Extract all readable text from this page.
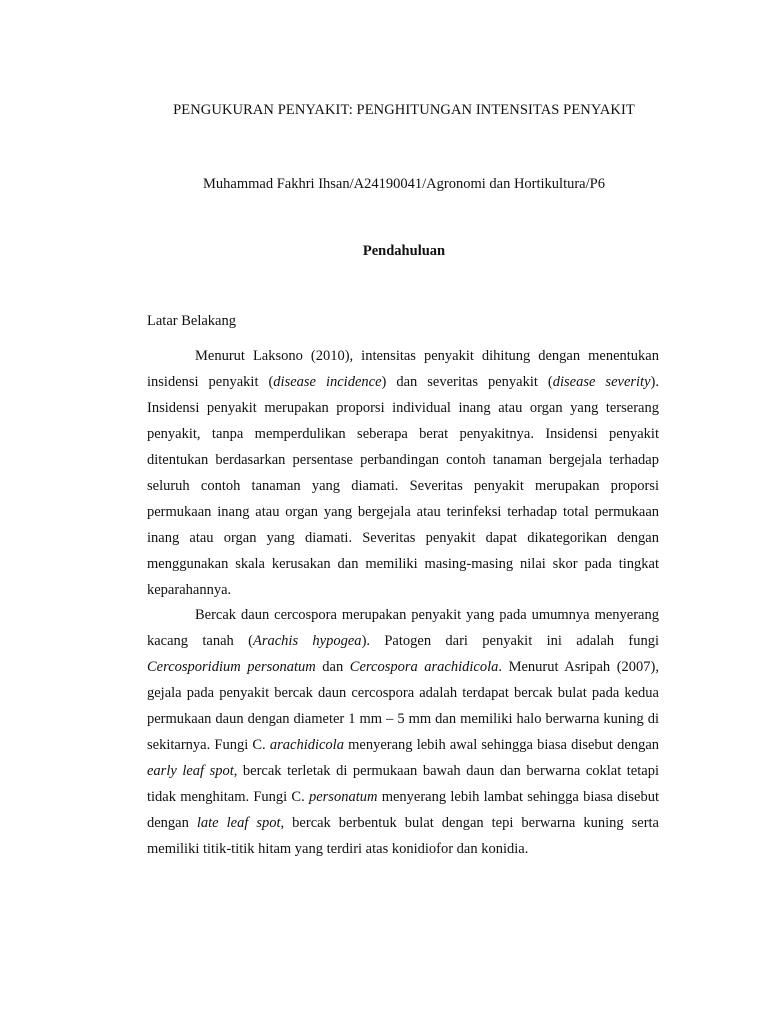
PENGUKURAN PENYAKIT: PENGHITUNGAN INTENSITAS PENYAKIT
Muhammad Fakhri Ihsan/A24190041/Agronomi dan Hortikultura/P6
Pendahuluan
Latar Belakang

Menurut Laksono (2010), intensitas penyakit dihitung dengan menentukan insidensi penyakit (disease incidence) dan severitas penyakit (disease severity). Insidensi penyakit merupakan proporsi individual inang atau organ yang terserang penyakit, tanpa memperdulikan seberapa berat penyakitnya. Insidensi penyakit ditentukan berdasarkan persentase perbandingan contoh tanaman bergejala terhadap seluruh contoh tanaman yang diamati. Severitas penyakit merupakan proporsi permukaan inang atau organ yang bergejala atau terinfeksi terhadap total permukaan inang atau organ yang diamati. Severitas penyakit dapat dikategorikan dengan menggunakan skala kerusakan dan memiliki masing-masing nilai skor pada tingkat keparahannya.

Bercak daun cercospora merupakan penyakit yang pada umumnya menyerang kacang tanah (Arachis hypogea). Patogen dari penyakit ini adalah fungi Cercosporidium personatum dan Cercospora arachidicola. Menurut Asripah (2007), gejala pada penyakit bercak daun cercospora adalah terdapat bercak bulat pada kedua permukaan daun dengan diameter 1 mm – 5 mm dan memiliki halo berwarna kuning di sekitarnya. Fungi C. arachidicola menyerang lebih awal sehingga biasa disebut dengan early leaf spot, bercak terletak di permukaan bawah daun dan berwarna coklat tetapi tidak menghitam. Fungi C. personatum menyerang lebih lambat sehingga biasa disebut dengan late leaf spot, bercak berbentuk bulat dengan tepi berwarna kuning serta memiliki titik-titik hitam yang terdiri atas konidiofor dan konidia.
